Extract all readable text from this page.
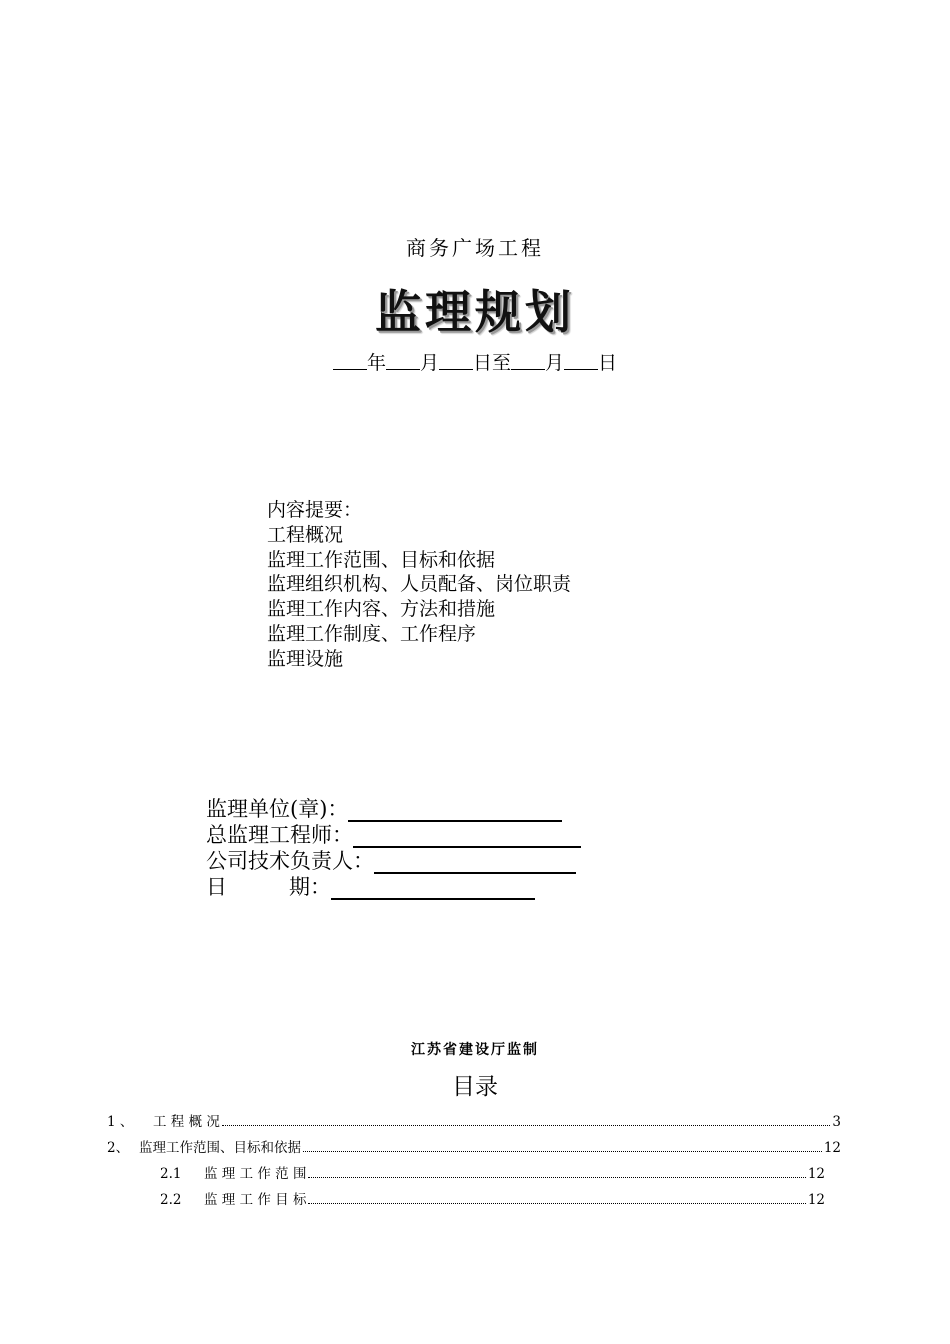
商务广场工程
监理规划
年 月 日至 月 日
内容提要：
工程概况
监理工作范围、目标和依据
监理组织机构、人员配备、岗位职责
监理工作内容、方法和措施
监理工作制度、工作程序
监理设施
监理单位(章)：
总监理工程师：
公司技术负责人：
日	期：
江苏省建设厅监制
目录
1 、	工 程 概 况	3
2、 监理工作范围、目标和依据	12
2.1	监 理 工 作 范 围	12
2.2	监 理 工 作 目 标	12
